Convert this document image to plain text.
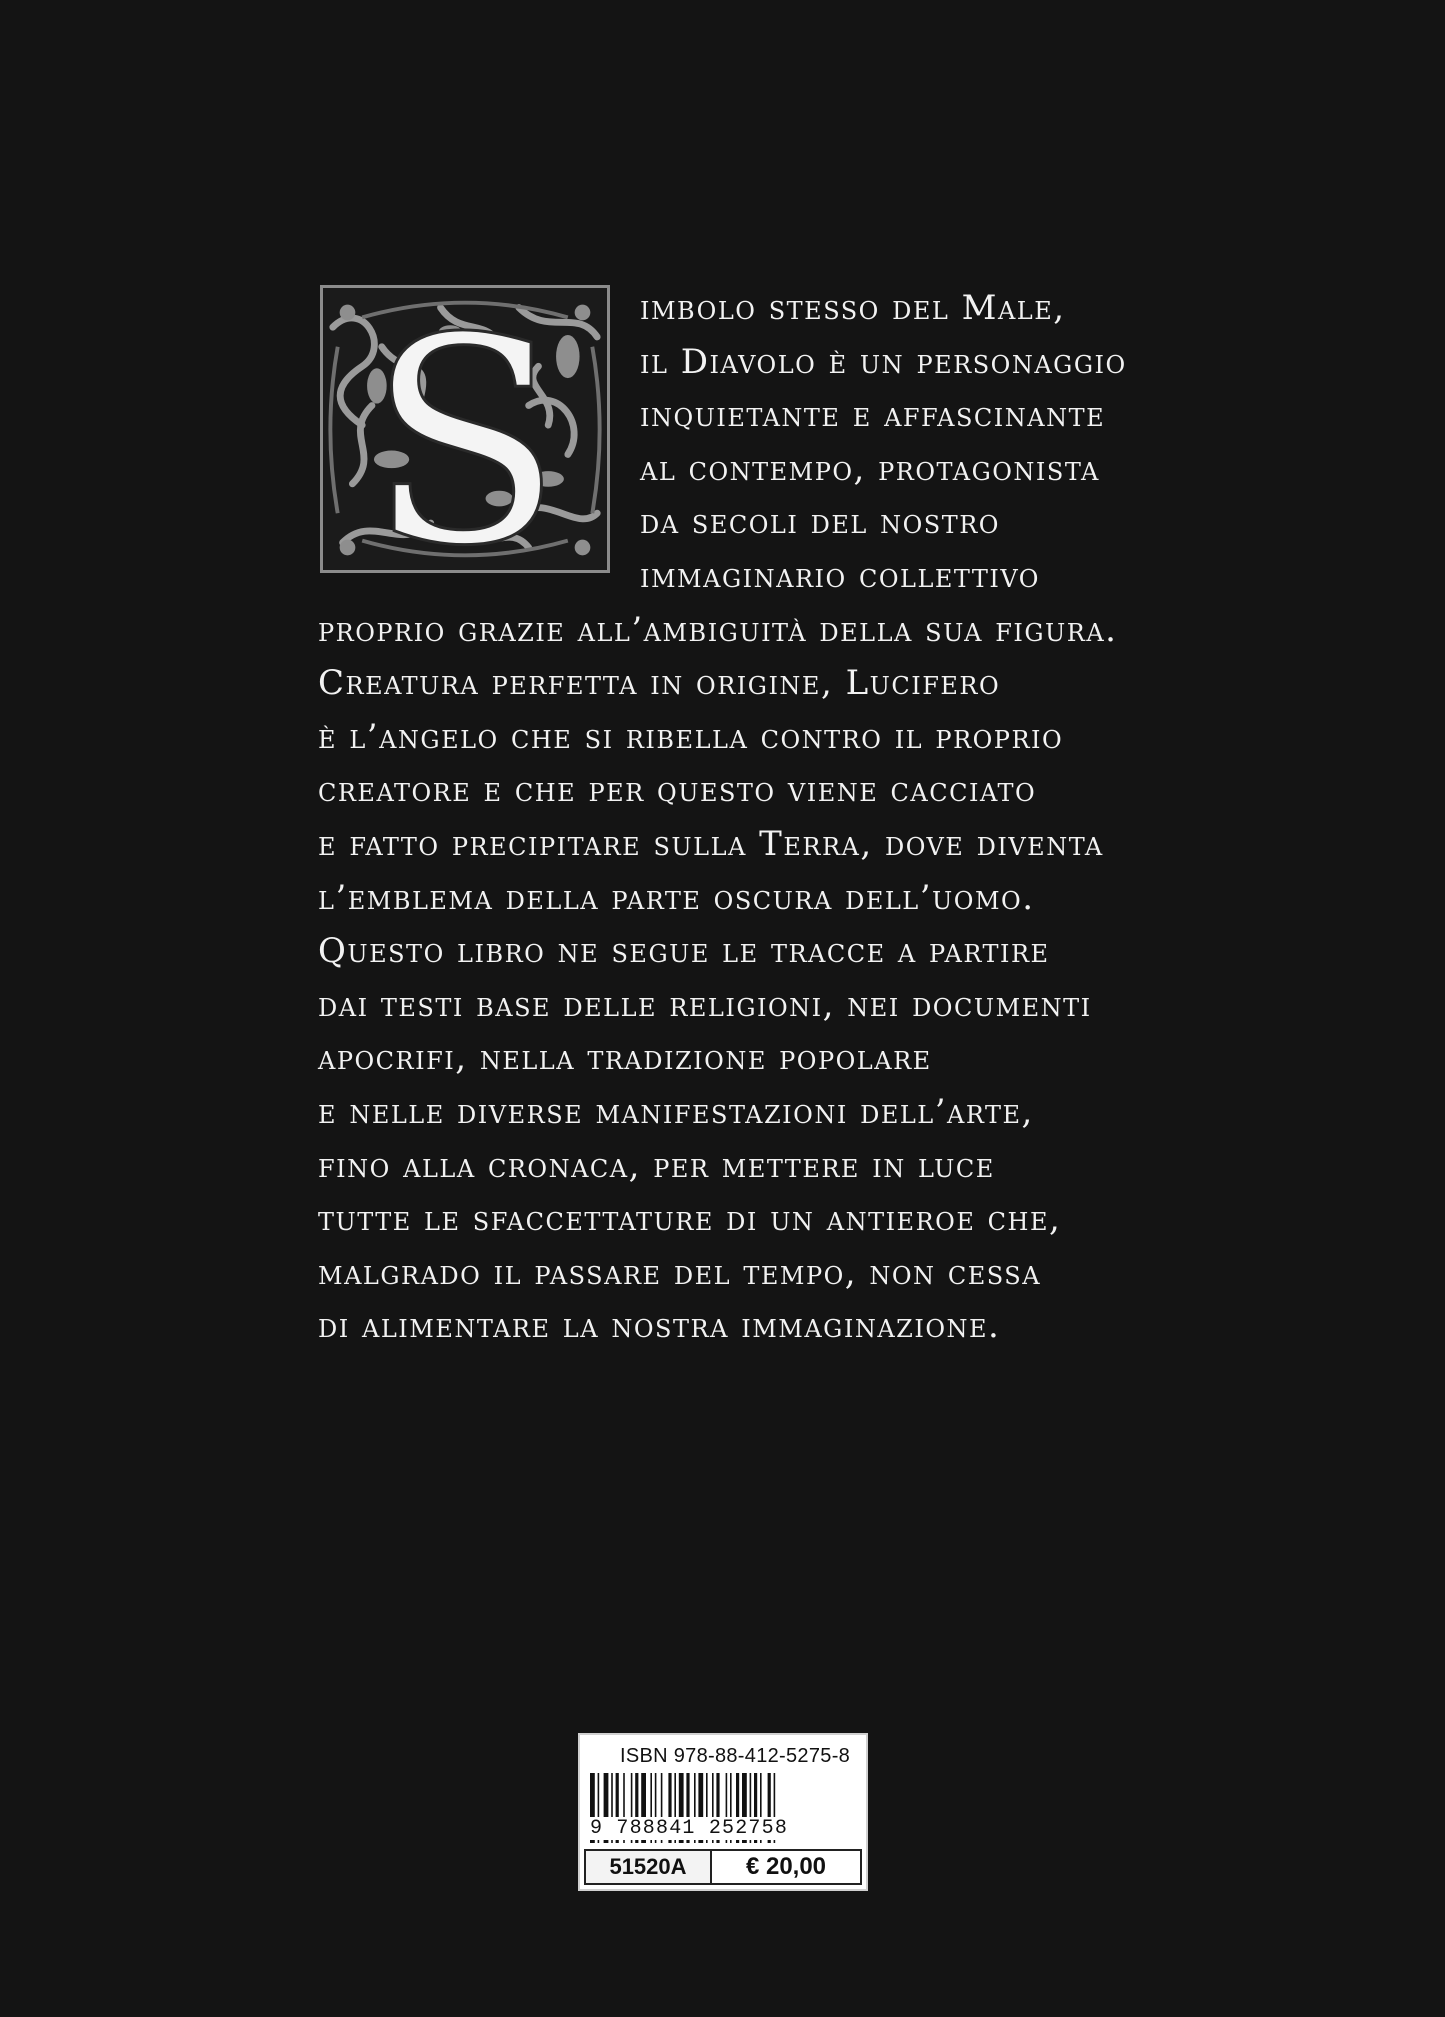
S	imbolo stesso del Male,
il Diavolo è un personaggio
inquietante e affascinante
al contempo, protagonista
da secoli del nostro
immaginario collettivo
proprio grazie all’ambiguità della sua figura.
Creatura perfetta in origine, Lucifero
è l’angelo che si ribella contro il proprio
creatore e che per questo viene cacciato
e fatto precipitare sulla Terra, dove diventa
l’emblema della parte oscura dell’uomo.
Questo libro ne segue le tracce a partire
dai testi base delle religioni, nei documenti
apocrifi, nella tradizione popolare
e nelle diverse manifestazioni dell’arte,
fino alla cronaca, per mettere in luce
tutte le sfaccettature di un antieroe che,
malgrado il passare del tempo, non cessa
di alimentare la nostra immaginazione.
ISBN 978-88-412-5275-8
9 788841 252758
51520A	€ 20,00
